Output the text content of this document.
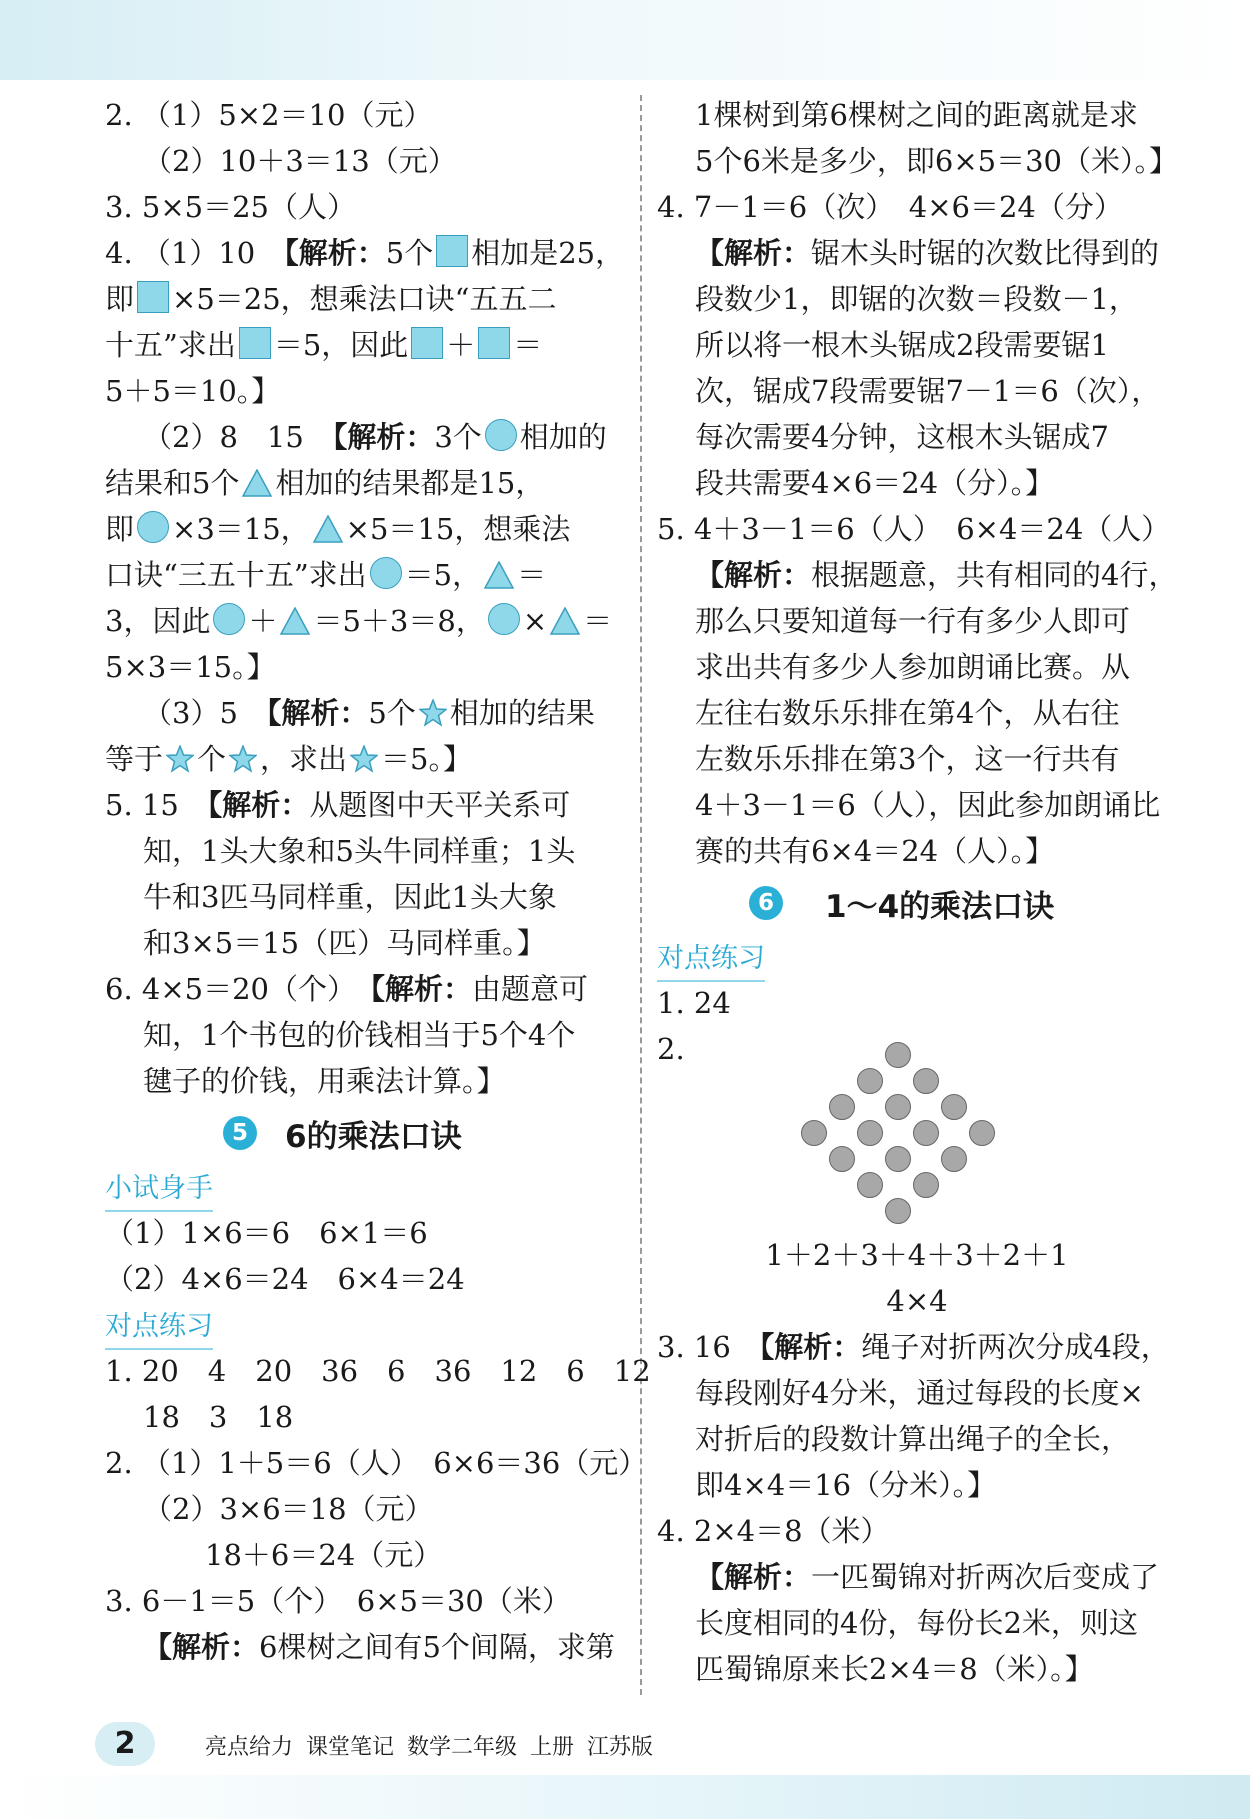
2. （1）5×2＝10（元）
（2）10＋3＝13（元）
3. 5×5＝25（人）
4. （1）10　【解析：5个 相加是25，
即 ×5＝25，想乘法口诀“五五二
十五”求出 ＝5，因此 ＋ ＝
5＋5＝10。】
（2）8　15　【解析：3个 相加的
结果和5个 相加的结果都是15，
即 ×3＝15， ×5＝15，想乘法
口诀“三五十五”求出 ＝5， ＝
3，因此 ＋ ＝5＋3＝8， × ＝
5×3＝15。】
（3）5　【解析：5个 相加的结果
等于 个 ，求出 ＝5。】
5. 15　【解析：从题图中天平关系可
知，1头大象和5头牛同样重；1头
牛和3匹马同样重，因此1头大象
和3×5＝15（匹）马同样重。】
6. 4×5＝20（个）　【解析：由题意可
知，1个书包的价钱相当于5个4个
毽子的价钱，用乘法计算。】
5 6的乘法口诀
小试身手
（1）1×6＝6　6×1＝6
（2）4×6＝24　6×4＝24
对点练习
1. 20　4　20　36　6　36　12　6　12
18　3　18
2. （1）1＋5＝6（人）　6×6＝36（元）
（2）3×6＝18（元）
18＋6＝24（元）
3. 6－1＝5（个）　6×5＝30（米）
【解析：6棵树之间有5个间隔，求第
1棵树到第6棵树之间的距离就是求
5个6米是多少，即6×5＝30（米）。】
4. 7－1＝6（次）　4×6＝24（分）
【解析：锯木头时锯的次数比得到的
段数少1，即锯的次数＝段数－1，
所以将一根木头锯成2段需要锯1
次，锯成7段需要锯7－1＝6（次），
每次需要4分钟，这根木头锯成7
段共需要4×6＝24（分）。】
5. 4＋3－1＝6（人）　6×4＝24（人）
【解析：根据题意，共有相同的4行，
那么只要知道每一行有多少人即可
求出共有多少人参加朗诵比赛。从
左往右数乐乐排在第4个，从右往
左数乐乐排在第3个，这一行共有
4＋3－1＝6（人），因此参加朗诵比
赛的共有6×4＝24（人）。】
6 1～4的乘法口诀
对点练习
1. 24
2.
1＋2＋3＋4＋3＋2＋1
4×4
3. 16　【解析：绳子对折两次分成4段，
每段刚好4分米，通过每段的长度×
对折后的段数计算出绳子的全长，
即4×4＝16（分米）。】
4. 2×4＝8（米）
【解析：一匹蜀锦对折两次后变成了
长度相同的4份，每份长2米，则这
匹蜀锦原来长2×4＝8（米）。】
2	亮点给力 课堂笔记 数学二年级 上册 江苏版
